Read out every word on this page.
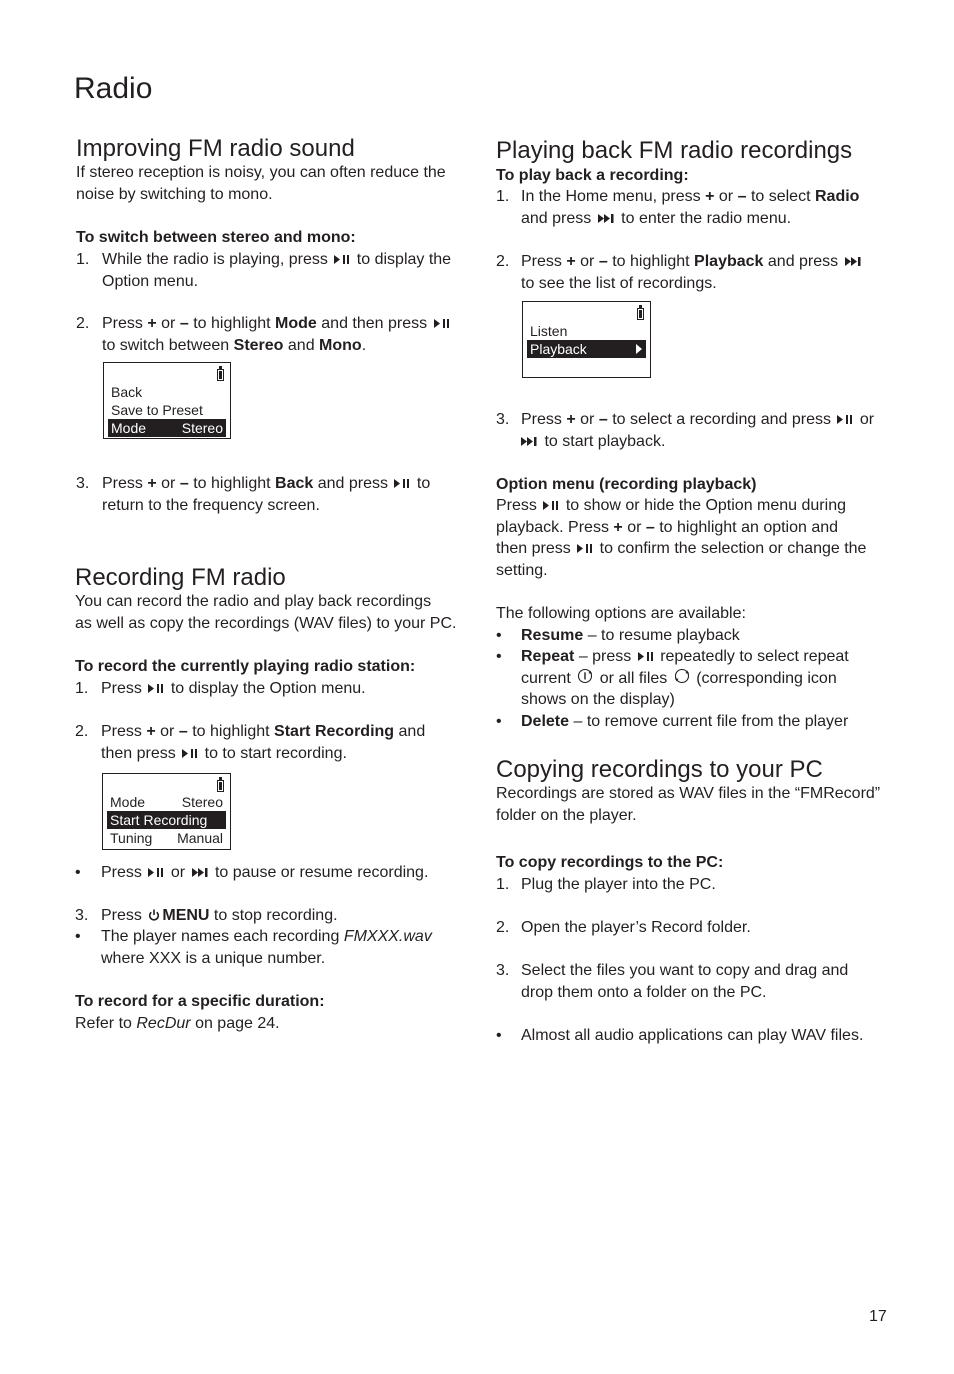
Radio
Improving FM radio sound
If stereo reception is noisy, you can often reduce the
noise by switching to mono.
To switch between stereo and mono:
1. While the radio is playing, press to display the
Option menu.
2. Press + or – to highlight Mode and then press
to switch between Stereo and Mono.
Back
Save to Preset
Mode	Stereo
3. Press + or – to highlight Back and press to
return to the frequency screen.
Recording FM radio
You can record the radio and play back recordings
as well as copy the recordings (WAV files) to your PC.
To record the currently playing radio station:
1. Press to display the Option menu.
2. Press + or – to highlight Start Recording and
then press to to start recording.
Mode	Stereo
Start Recording
Tuning Manual
• Press or to pause or resume recording.
3. Press MENU to stop recording.
• The player names each recording FMXXX.wav
where XXX is a unique number.
To record for a specific duration:
Refer to RecDur on page 24.
Playing back FM radio recordings
To play back a recording:
1. In the Home menu, press + or – to select Radio
and press to enter the radio menu.
2. Press + or – to highlight Playback and press
to see the list of recordings.
Listen
Playback
3. Press + or – to select a recording and press or
to start playback.
Option menu (recording playback)
Press to show or hide the Option menu during
playback. Press + or – to highlight an option and
then press to confirm the selection or change the
setting.
The following options are available:
• Resume – to resume playback
• Repeat – press repeatedly to select repeat
current or all files (corresponding icon
shows on the display)
• Delete – to remove current file from the player
Copying recordings to your PC
Recordings are stored as WAV files in the “FMRecord”
folder on the player.
To copy recordings to the PC:
1. Plug the player into the PC.
2. Open the player’s Record folder.
3. Select the files you want to copy and drag and
drop them onto a folder on the PC.
• Almost all audio applications can play WAV files.
17
